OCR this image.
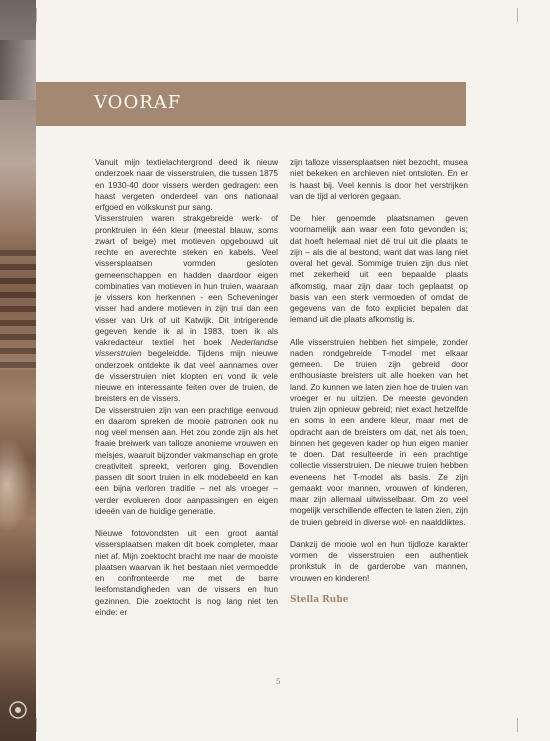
VOORAF

Vanuit mijn textielachtergrond deed ik nieuw onderzoek naar de visserstruien, die tussen 1875 en 1930-40 door vissers werden gedragen: een haast vergeten onderdeel van ons nationaal erfgoed en volkskunst pur sang.

Visserstruien waren strakgebreide werk- of pronktruien in één kleur (meestal blauw, soms zwart of beige) met motieven opgebouwd uit rechte en averechte steken en kabels. Veel vissersplaatsen vormden gesloten gemeenschappen en hadden daardoor eigen combinaties van motieven in hun truien, waaraan je vissers kon herkennen - een Scheveninger visser had andere motieven in zijn trui dan een visser van Urk of uit Katwijk. Dit intrigerende gegeven kende ik al in 1983, toen ik als vakredacteur textiel het boek Nederlandse visserstruien begeleidde. Tijdens mijn nieuwe onderzoek ontdekte ik dat veel aannames over de visserstruien niet klopten en vond ik vele nieuwe en interessante feiten over de truien, de breisters en de vissers.

De visserstruien zijn van een prachtige eenvoud en daarom spreken de mooie patronen ook nu nog veel mensen aan. Het zou zonde zijn als het fraaie breiwerk van talloze anonieme vrouwen en meisjes, waaruit bijzonder vakmanschap en grote creativiteit spreekt, verloren ging. Bovendien passen dit soort truien in elk modebeeld en kan een bijna verloren traditie – net als vroeger – verder evolueren door aanpassingen en eigen ideeën van de huidige generatie.

Nieuwe fotovondsten uit een groot aantal vissersplaatsen maken dit boek completer, maar niet af. Mijn zoektocht bracht me naar de mooiste plaatsen waarvan ik het bestaan niet vermoedde en confronteerde me met de barre leefomstandigheden van de vissers en hun gezinnen. Die zoektocht is nog lang niet ten einde: er

zijn talloze vissersplaatsen niet bezocht, musea niet bekeken en archieven niet ontsloten. En er is haast bij. Veel kennis is door het verstrijken van de tijd al verloren gegaan.

De hier genoemde plaatsnamen geven voornamelijk aan waar een foto gevonden is; dat hoeft helemaal niet dé trui uit die plaats te zijn – als die al bestond, want dat was lang niet overal het geval. Sommige truien zijn dus niet met zekerheid uit een bepaalde plaats afkomstig, maar zijn daar toch geplaatst op basis van een sterk vermoeden of omdat de gegevens van de foto expliciet bepalen dat iemand uit die plaats afkomstig is.

Alle visserstruien hebben het simpele, zonder naden rondgebreide T-model met elkaar gemeen. De truien zijn gebreid door enthousiaste breisters uit alle hoeken van het land. Zo kunnen we laten zien hoe de truien van vroeger er nu uitzien. De meeste gevonden truien zijn opnieuw gebreid; niet exact hetzelfde en soms in een andere kleur, maar met de opdracht aan de breisters om dat, net als toen, binnen het gegeven kader op hun eigen manier te doen. Dat resulteerde in een prachtige collectie visserstruien. De nieuwe truien hebben eveneens het T-model als basis. Ze zijn gemaakt voor mannen, vrouwen of kinderen, maar zijn allemaal uitwisselbaar. Om zo veel mogelijk verschillende effecten te laten zien, zijn de truien gebreid in diverse wol- en naalddiktes.

Dankzij de mooie wol en hun tijdloze karakter vormen de visserstruien een authentiek pronkstuk in de garderobe van mannen, vrouwen en kinderen!

Stella Ruhe
5
